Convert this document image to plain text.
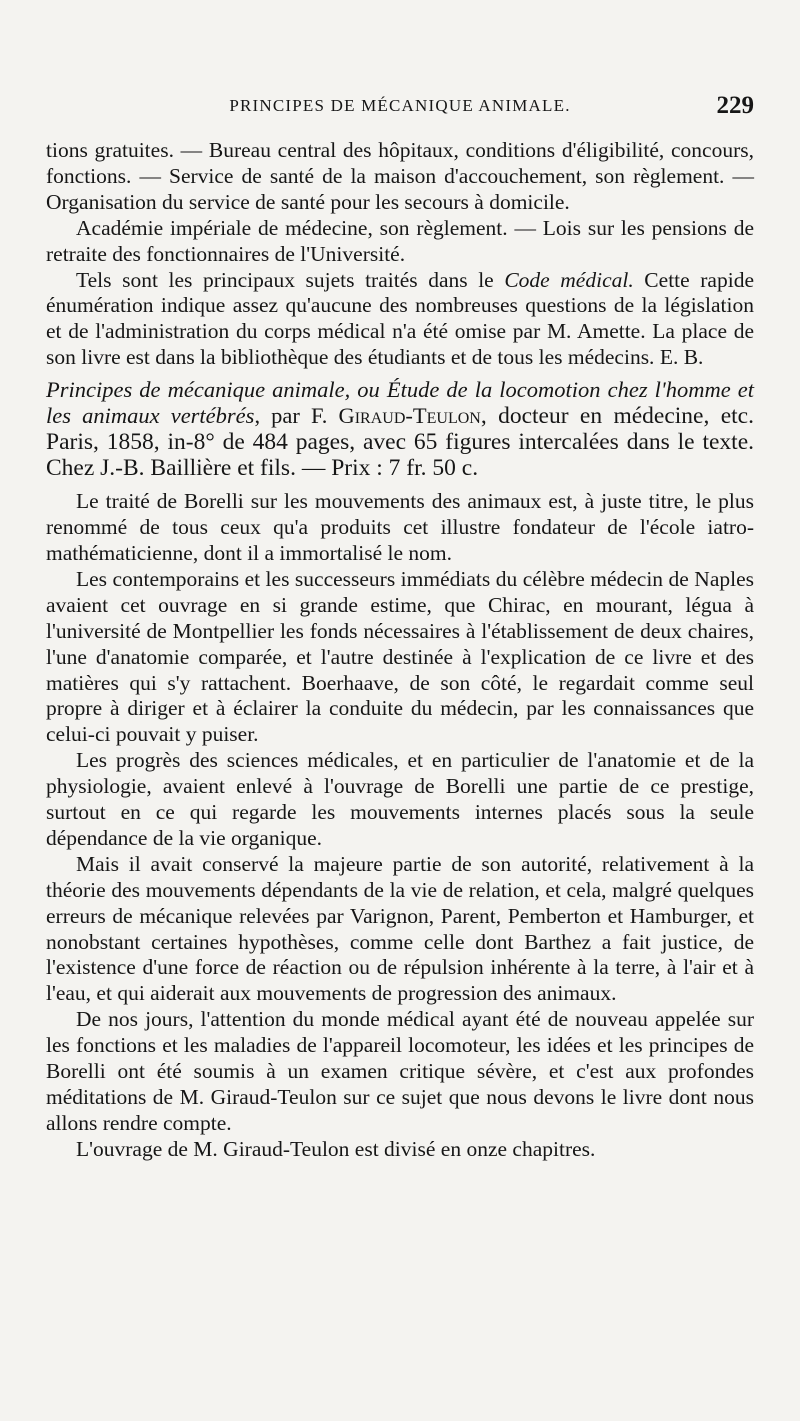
PRINCIPES DE MÉCANIQUE ANIMALE.	229

tions gratuites. — Bureau central des hôpitaux, conditions d'éligibilité, concours, fonctions. — Service de santé de la maison d'accouchement, son règlement. — Organisation du service de santé pour les secours à domicile.

Académie impériale de médecine, son règlement. — Lois sur les pensions de retraite des fonctionnaires de l'Université.

Tels sont les principaux sujets traités dans le Code médical. Cette rapide énumération indique assez qu'aucune des nombreuses questions de la législation et de l'administration du corps médical n'a été omise par M. Amette. La place de son livre est dans la bibliothèque des étudiants et de tous les médecins. E. B.

Principes de mécanique animale, ou Étude de la locomotion chez l'homme et les animaux vertébrés, par F. Giraud-Teulon, docteur en médecine, etc. Paris, 1858, in-8° de 484 pages, avec 65 figures intercalées dans le texte. Chez J.-B. Baillière et fils. — Prix : 7 fr. 50 c.

Le traité de Borelli sur les mouvements des animaux est, à juste titre, le plus renommé de tous ceux qu'a produits cet illustre fondateur de l'école iatro-mathématicienne, dont il a immortalisé le nom.

Les contemporains et les successeurs immédiats du célèbre médecin de Naples avaient cet ouvrage en si grande estime, que Chirac, en mourant, légua à l'université de Montpellier les fonds nécessaires à l'établissement de deux chaires, l'une d'anatomie comparée, et l'autre destinée à l'explication de ce livre et des matières qui s'y rattachent. Boerhaave, de son côté, le regardait comme seul propre à diriger et à éclairer la conduite du médecin, par les connaissances que celui-ci pouvait y puiser.

Les progrès des sciences médicales, et en particulier de l'anatomie et de la physiologie, avaient enlevé à l'ouvrage de Borelli une partie de ce prestige, surtout en ce qui regarde les mouvements internes placés sous la seule dépendance de la vie organique.

Mais il avait conservé la majeure partie de son autorité, relativement à la théorie des mouvements dépendants de la vie de relation, et cela, malgré quelques erreurs de mécanique relevées par Varignon, Parent, Pemberton et Hamburger, et nonobstant certaines hypothèses, comme celle dont Barthez a fait justice, de l'existence d'une force de réaction ou de répulsion inhérente à la terre, à l'air et à l'eau, et qui aiderait aux mouvements de progression des animaux.

De nos jours, l'attention du monde médical ayant été de nouveau appelée sur les fonctions et les maladies de l'appareil locomoteur, les idées et les principes de Borelli ont été soumis à un examen critique sévère, et c'est aux profondes méditations de M. Giraud-Teulon sur ce sujet que nous devons le livre dont nous allons rendre compte.

L'ouvrage de M. Giraud-Teulon est divisé en onze chapitres.
